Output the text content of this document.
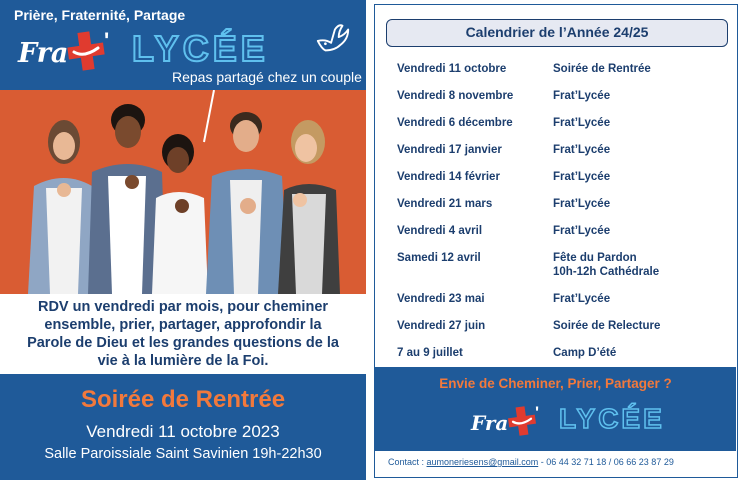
Prière, Fraternité, Partage
Fra ' LYCÉE
Repas partagé chez un couple
RDV un vendredi par mois, pour cheminer
ensemble, prier, partager, approfondir la
Parole de Dieu et les grandes questions de la
vie à la lumière de la Foi.
Soirée de Rentrée
Vendredi 11 octobre 2023
Salle Paroissiale Saint Savinien 19h-22h30
Calendrier de l’Année 24/25
Vendredi 11 octobre	Soirée de Rentrée
Vendredi 8 novembre	Frat’Lycée
Vendredi 6 décembre	Frat’Lycée
Vendredi 17 janvier	Frat’Lycée
Vendredi 14 février	Frat’Lycée
Vendredi 21 mars	Frat’Lycée
Vendredi 4 avril	Frat’Lycée
Samedi 12 avril	Fête du Pardon
10h-12h Cathédrale
Vendredi 23 mai	Frat’Lycée
Vendredi 27 juin	Soirée de Relecture
7 au 9 juillet	Camp D’été
Envie de Cheminer, Prier, Partager ?
Fra ' LYCÉE
Contact : aumoneriesens@gmail.com - 06 44 32 71 18 / 06 66 23 87 29
